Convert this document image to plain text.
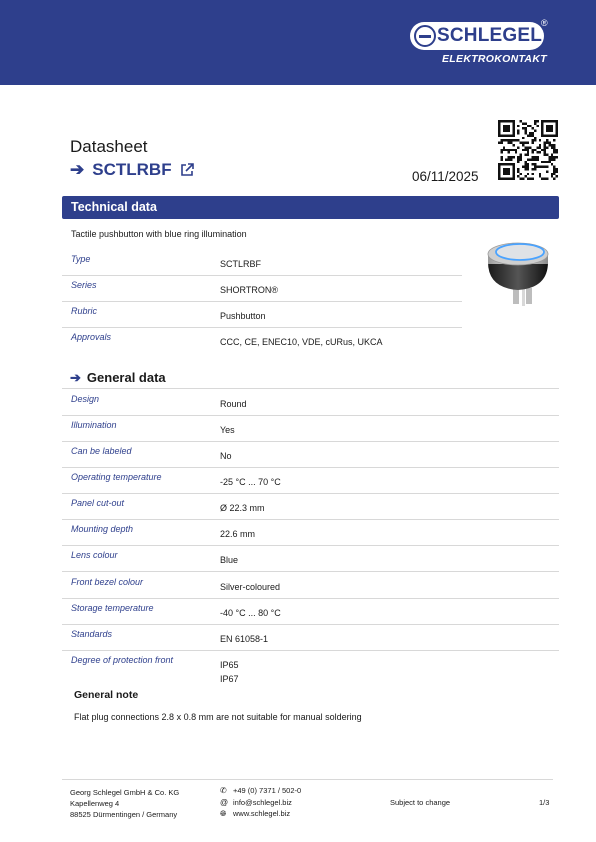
SCHLEGEL
®
ELEKTROKONTAKT
Datasheet
➔ SCTLRBF	06/11/2025
Technical data
Tactile pushbutton with blue ring illumination
Type	SCTLRBF
Series	SHORTRON®
Rubric	Pushbutton
Approvals	CCC, CE, ENEC10, VDE, cURus, UKCA
➔ General data
Design	Round
Illumination	Yes
Can be labeled	No
Operating temperature	-25 °C ... 70 °C
Panel cut-out	Ø 22.3 mm
Mounting depth	22.6 mm
Lens colour	Blue
Front bezel colour	Silver-coloured
Storage temperature	-40 °C ... 80 °C
Standards	EN 61058-1
Degree of protection front	IP65
IP67
General note
Flat plug connections 2.8 x 0.8 mm are not suitable for manual soldering
Georg Schlegel GmbH & Co. KG
Kapellenweg 4
88525 Dürmentingen / Germany
✆ +49 (0) 7371 / 502-0
@ info@schlegel.biz
🌐︎ www.schlegel.biz
Subject to change	1/3
